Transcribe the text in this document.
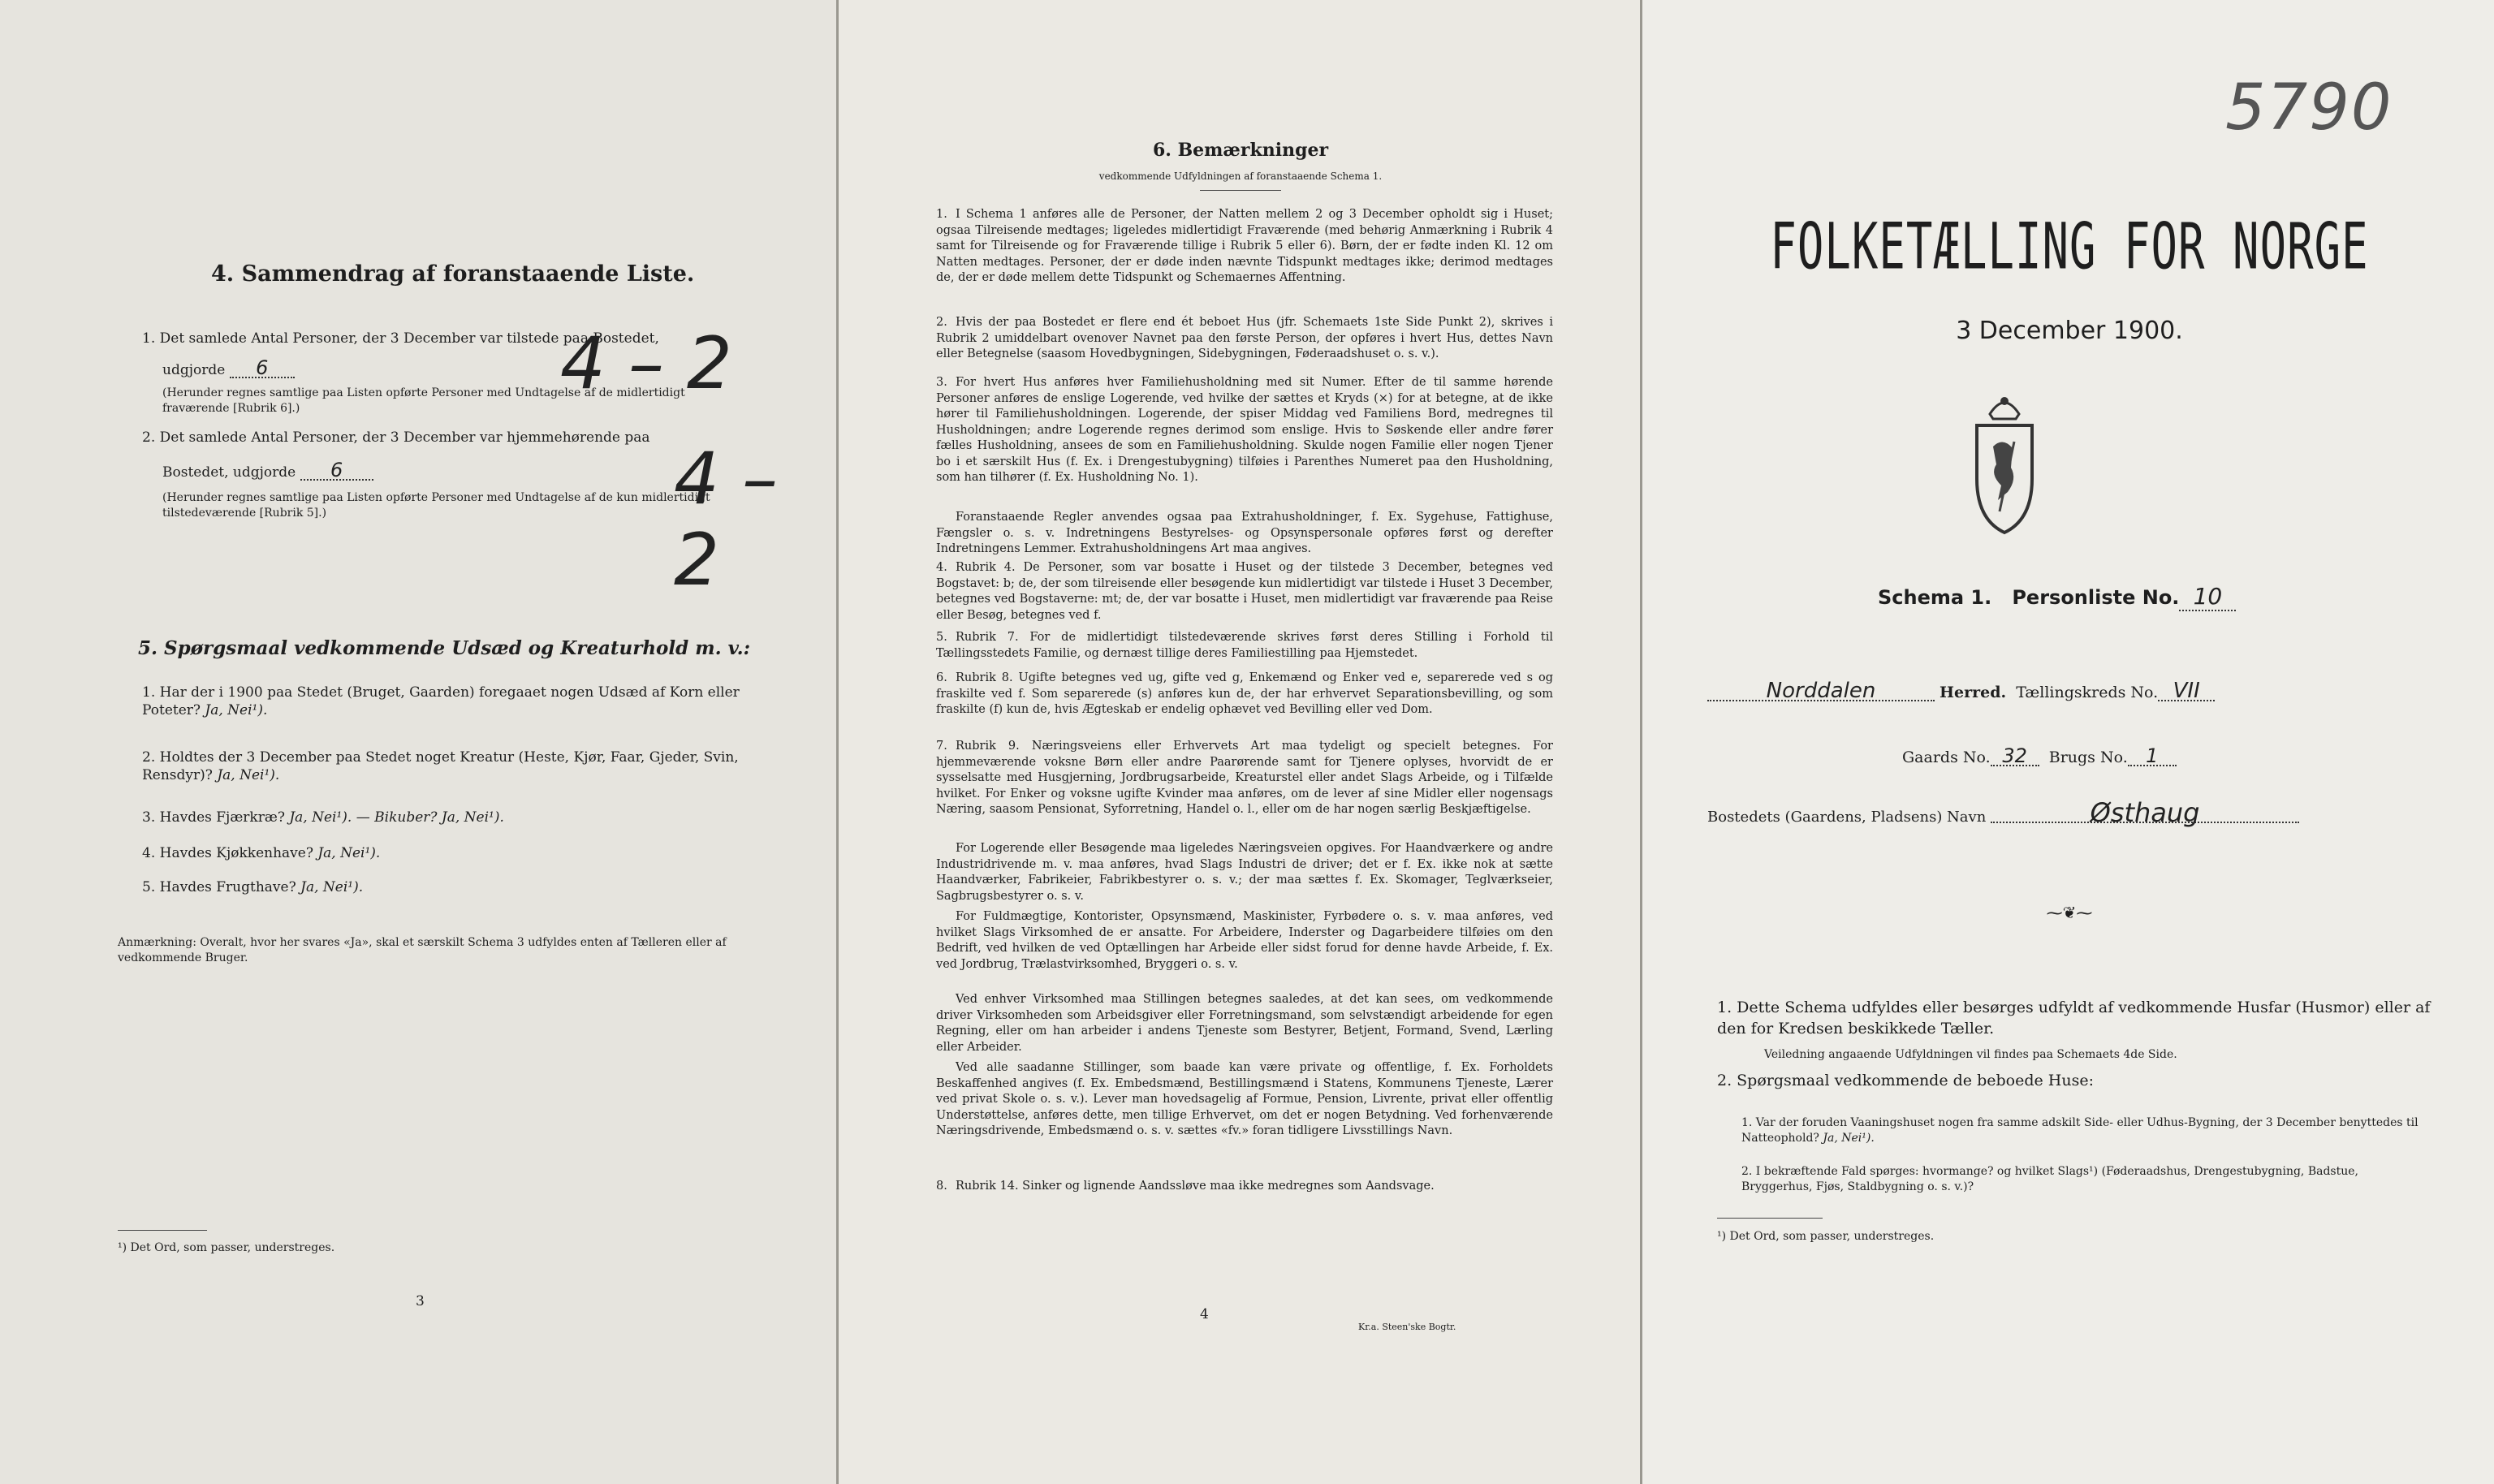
4. Sammendrag af foranstaaende Liste.
1. Det samlede Antal Personer, der 3 December var tilstede paa Bostedet,
udgjorde 6
(Herunder regnes samtlige paa Listen opførte Personer med Undtagelse af de midlertidigt fraværende [Rubrik 6].)
4 – 2
2. Det samlede Antal Personer, der 3 December var hjemmehørende paa
Bostedet, udgjorde 6
(Herunder regnes samtlige paa Listen opførte Personer med Undtagelse af de kun midlertidigt tilstedeværende [Rubrik 5].)	4 – 2
5. Spørgsmaal vedkommende Udsæd og Kreaturhold m. v.:
1. Har der i 1900 paa Stedet (Bruget, Gaarden) foregaaet nogen Udsæd af Korn eller Poteter? Ja, Nei¹).
2. Holdtes der 3 December paa Stedet noget Kreatur (Heste, Kjør, Faar, Gjeder, Svin, Rensdyr)? Ja, Nei¹).
3. Havdes Fjærkræ? Ja, Nei¹). — Bikuber? Ja, Nei¹).
4. Havdes Kjøkkenhave? Ja, Nei¹).
5. Havdes Frugthave? Ja, Nei¹).
Anmærkning: Overalt, hvor her svares «Ja», skal et særskilt Schema 3 udfyldes enten af Tælleren eller af vedkommende Bruger.
¹) Det Ord, som passer, understreges.
3
6. Bemærkninger
vedkommende Udfyldningen af foranstaaende Schema 1.
1. I Schema 1 anføres alle de Personer, der Natten mellem 2 og 3 December opholdt sig i Huset; ogsaa Tilreisende medtages; ligeledes midlertidigt Fraværende (med behørig Anmærkning i Rubrik 4 samt for Tilreisende og for Fraværende tillige i Rubrik 5 eller 6). Børn, der er fødte inden Kl. 12 om Natten medtages. Personer, der er døde inden nævnte Tidspunkt medtages ikke; derimod medtages de, der er døde mellem dette Tidspunkt og Schemaernes Affentning.
2. Hvis der paa Bostedet er flere end ét beboet Hus (jfr. Schemaets 1ste Side Punkt 2), skrives i Rubrik 2 umiddelbart ovenover Navnet paa den første Person, der opføres i hvert Hus, dettes Navn eller Betegnelse (saasom Hovedbygningen, Sidebygningen, Føderaadshuset o. s. v.).
3. For hvert Hus anføres hver Familiehusholdning med sit Numer. Efter de til samme hørende Personer anføres de enslige Logerende, ved hvilke der sættes et Kryds (×) for at betegne, at de ikke hører til Familiehusholdningen. Logerende, der spiser Middag ved Familiens Bord, medregnes til Husholdningen; andre Logerende regnes derimod som enslige. Hvis to Søskende eller andre fører fælles Husholdning, ansees de som en Familiehusholdning. Skulde nogen Familie eller nogen Tjener bo i et særskilt Hus (f. Ex. i Drengestubygning) tilføies i Parenthes Numeret paa den Husholdning, som han tilhører (f. Ex. Husholdning No. 1).
Foranstaaende Regler anvendes ogsaa paa Extrahusholdninger, f. Ex. Sygehuse, Fattighuse, Fængsler o. s. v. Indretningens Bestyrelses- og Opsynspersonale opføres først og derefter Indretningens Lemmer. Extrahusholdningens Art maa angives.
4. Rubrik 4. De Personer, som var bosatte i Huset og der tilstede 3 December, betegnes ved Bogstavet: b; de, der som tilreisende eller besøgende kun midlertidigt var tilstede i Huset 3 December, betegnes ved Bogstaverne: mt; de, der var bosatte i Huset, men midlertidigt var fraværende paa Reise eller Besøg, betegnes ved f.
5. Rubrik 7. For de midlertidigt tilstedeværende skrives først deres Stilling i Forhold til Tællingsstedets Familie, og dernæst tillige deres Familiestilling paa Hjemstedet.
6. Rubrik 8. Ugifte betegnes ved ug, gifte ved g, Enkemænd og Enker ved e, separerede ved s og fraskilte ved f. Som separerede (s) anføres kun de, der har erhvervet Separationsbevilling, og som fraskilte (f) kun de, hvis Ægteskab er endelig ophævet ved Bevilling eller ved Dom.
7. Rubrik 9. Næringsveiens eller Erhvervets Art maa tydeligt og specielt betegnes. For hjemmeværende voksne Børn eller andre Paarørende samt for Tjenere oplyses, hvorvidt de er sysselsatte med Husgjerning, Jordbrugsarbeide, Kreaturstel eller andet Slags Arbeide, og i Tilfælde hvilket. For Enker og voksne ugifte Kvinder maa anføres, om de lever af sine Midler eller nogensags Næring, saasom Pensionat, Syforretning, Handel o. l., eller om de har nogen særlig Beskjæftigelse.
For Logerende eller Besøgende maa ligeledes Næringsveien opgives. For Haandværkere og andre Industridrivende m. v. maa anføres, hvad Slags Industri de driver; det er f. Ex. ikke nok at sætte Haandværker, Fabrikeier, Fabrikbestyrer o. s. v.; der maa sættes f. Ex. Skomager, Teglværkseier, Sagbrugsbestyrer o. s. v.
For Fuldmægtige, Kontorister, Opsynsmænd, Maskinister, Fyrbødere o. s. v. maa anføres, ved hvilket Slags Virksomhed de er ansatte. For Arbeidere, Inderster og Dagarbeidere tilføies om den Bedrift, ved hvilken de ved Optællingen har Arbeide eller sidst forud for denne havde Arbeide, f. Ex. ved Jordbrug, Trælastvirksomhed, Bryggeri o. s. v.
Ved enhver Virksomhed maa Stillingen betegnes saaledes, at det kan sees, om vedkommende driver Virksomheden som Arbeidsgiver eller Forretningsmand, som selvstændigt arbeidende for egen Regning, eller om han arbeider i andens Tjeneste som Bestyrer, Betjent, Formand, Svend, Lærling eller Arbeider.
Ved alle saadanne Stillinger, som baade kan være private og offentlige, f. Ex. Forholdets Beskaffenhed angives (f. Ex. Embedsmænd, Bestillingsmænd i Statens, Kommunens Tjeneste, Lærer ved privat Skole o. s. v.). Lever man hovedsagelig af Formue, Pension, Livrente, privat eller offentlig Understøttelse, anføres dette, men tillige Erhvervet, om det er nogen Betydning. Ved forhenværende Næringsdrivende, Embedsmænd o. s. v. sættes «fv.» foran tidligere Livsstillings Navn.
8. Rubrik 14. Sinker og lignende Aandssløve maa ikke medregnes som Aandsvage.
4
Kr.a. Steen'ske Bogtr.
5790
FOLKETÆLLING FOR NORGE
3 December 1900.
Schema 1. Personliste No. 10
Norddalen	Herred. Tællingskreds No. VII
Gaards No. 32 Brugs No. 1
Bostedets (Gaardens, Pladsens) Navn	Østhaug
⁓❦⁓
1. Dette Schema udfyldes eller besørges udfyldt af vedkommende Husfar (Husmor) eller af den for Kredsen beskikkede Tæller.
Veiledning angaaende Udfyldningen vil findes paa Schemaets 4de Side.
2. Spørgsmaal vedkommende de beboede Huse:
1. Var der foruden Vaaningshuset nogen fra samme adskilt Side- eller Udhus-Bygning, der 3 December benyttedes til Natteophold? Ja, Nei¹).
2. I bekræftende Fald spørges: hvormange? og hvilket Slags¹) (Føderaadshus, Drengestubygning, Badstue, Bryggerhus, Fjøs, Staldbygning o. s. v.)?
¹) Det Ord, som passer, understreges.
